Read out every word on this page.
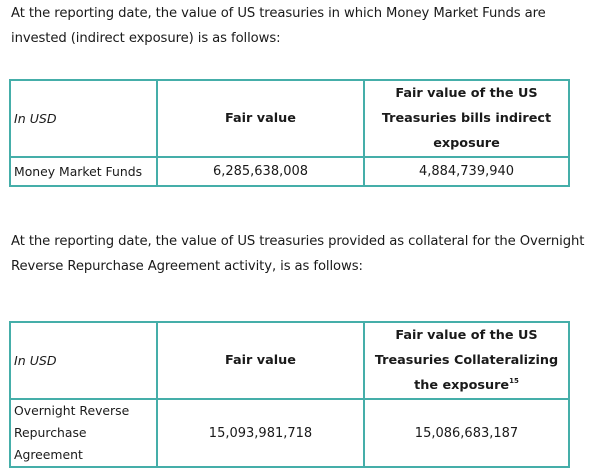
At the reporting date, the value of US treasuries in which Money Market Funds are invested (indirect exposure) is as follows:

In USD	Fair value	Fair value of the US Treasuries bills indirect exposure
Money Market Funds	6,285,638,008	4,884,739,940

At the reporting date, the value of US treasuries provided as collateral for the Overnight Reverse Repurchase Agreement activity, is as follows:

In USD	Fair value	Fair value of the US Treasuries Collateralizing the exposure$^{15}$
Overnight Reverse Repurchase Agreement	15,093,981,718	15,086,683,187
